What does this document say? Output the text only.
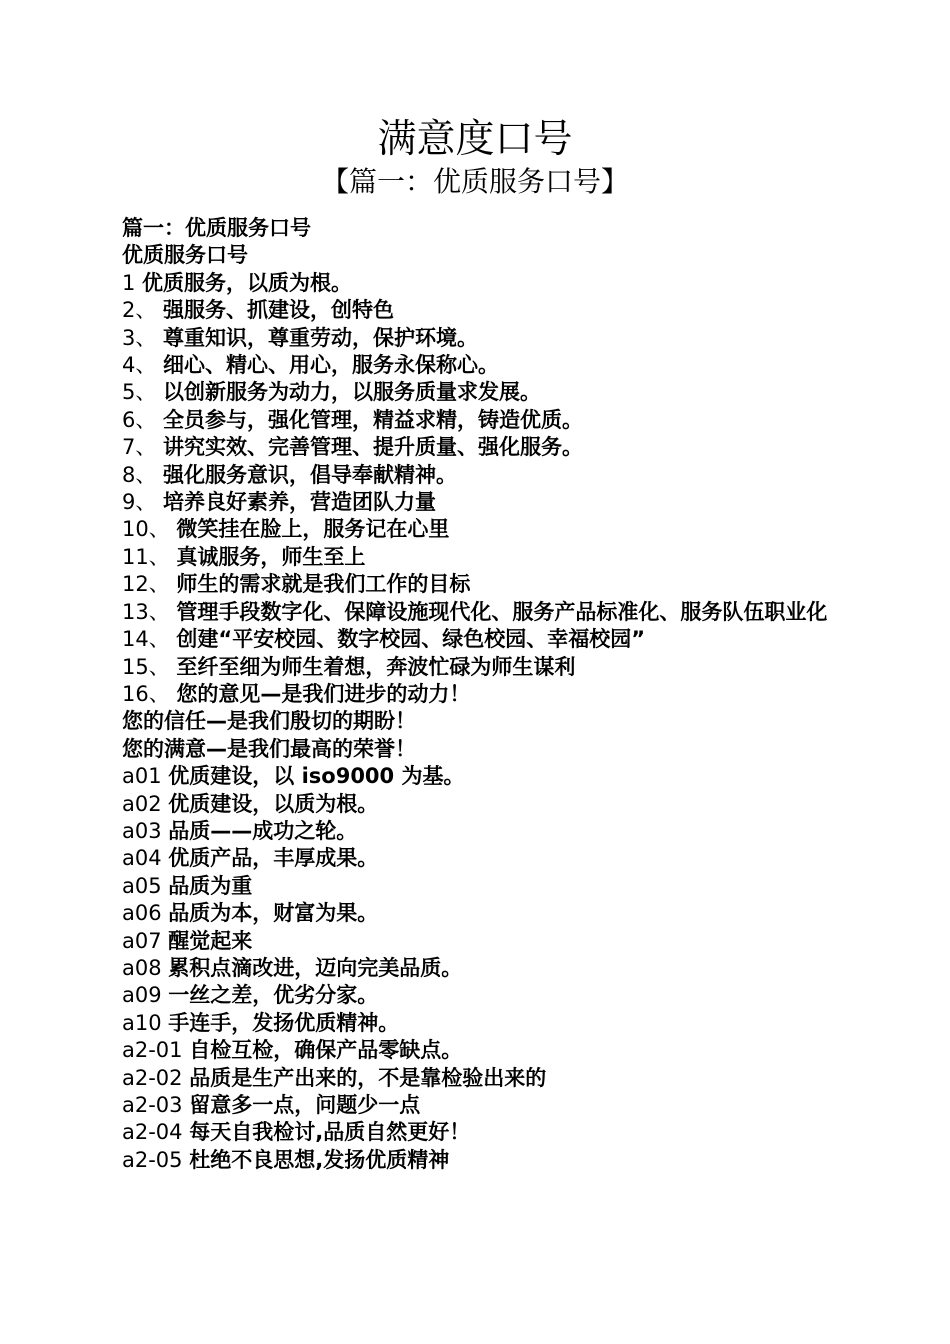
满意度口号
【篇一：优质服务口号】
篇一：优质服务口号
优质服务口号
1 优质服务，以质为根。
2、 强服务、抓建设，创特色
3、 尊重知识，尊重劳动，保护环境。
4、 细心、精心、用心，服务永保称心。
5、 以创新服务为动力，以服务质量求发展。
6、 全员参与，强化管理，精益求精，铸造优质。
7、 讲究实效、完善管理、提升质量、强化服务。
8、 强化服务意识，倡导奉献精神。
9、 培养良好素养，营造团队力量
10、 微笑挂在脸上，服务记在心里
11、 真诚服务，师生至上
12、 师生的需求就是我们工作的目标
13、 管理手段数字化、保障设施现代化、服务产品标准化、服务队伍职业化
14、 创建“平安校园、数字校园、绿色校园、幸福校园”
15、 至纤至细为师生着想，奔波忙碌为师生谋利
16、 您的意见—是我们进步的动力！
您的信任—是我们殷切的期盼！
您的满意—是我们最高的荣誉！
a01 优质建设，以 iso9000 为基。
a02 优质建设，以质为根。
a03 品质——成功之轮。
a04 优质产品，丰厚成果。
a05 品质为重
a06 品质为本，财富为果。
a07 醒觉起来
a08 累积点滴改进，迈向完美品质。
a09 一丝之差，优劣分家。
a10 手连手，发扬优质精神。
a2-01 自检互检，确保产品零缺点。
a2-02 品质是生产出来的，不是靠检验出来的
a2-03 留意多一点，问题少一点
a2-04 每天自我检讨,品质自然更好！
a2-05 杜绝不良思想,发扬优质精神
